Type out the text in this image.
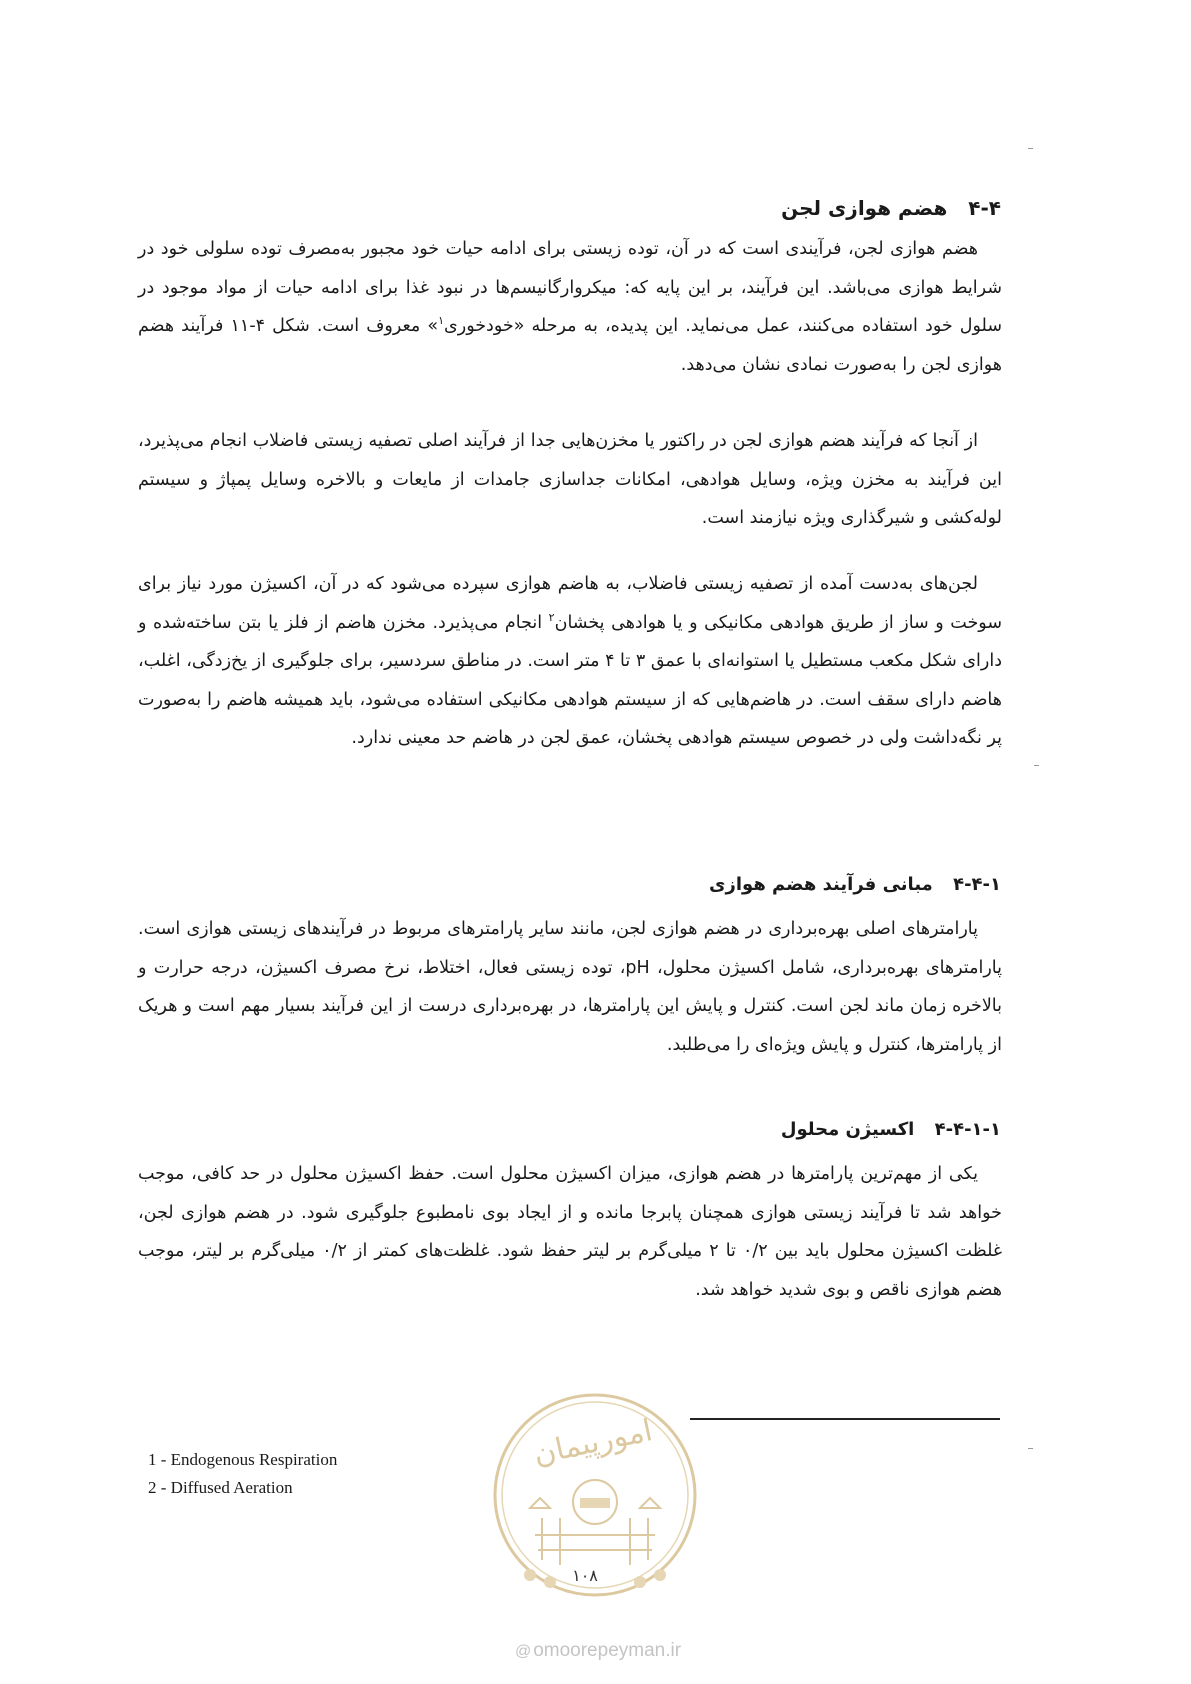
۴-۴ هضم هوازی لجن

هضم هوازی لجن، فرآیندی است که در آن، توده زیستی برای ادامه حیات خود مجبور به‌مصرف توده سلولی خود در شرایط هوازی می‌باشد. این فرآیند، بر این پایه که: میکروارگانیسم‌ها در نبود غذا برای ادامه حیات از مواد موجود در سلول خود استفاده می‌کنند، عمل می‌نماید. این پدیده، به مرحله «خودخوری$^۱$» معروف است. شکل ۴-۱۱ فرآیند هضم هوازی لجن را به‌صورت نمادی نشان می‌دهد.

از آنجا که فرآیند هضم هوازی لجن در راکتور یا مخزن‌هایی جدا از فرآیند اصلی تصفیه زیستی فاضلاب انجام می‌پذیرد، این فرآیند به مخزن ویژه، وسایل هوادهی، امکانات جداسازی جامدات از مایعات و بالاخره وسایل پمپاژ و سیستم لوله‌کشی و شیرگذاری ویژه نیازمند است.

لجن‌های به‌دست آمده از تصفیه زیستی فاضلاب، به هاضم هوازی سپرده می‌شود که در آن، اکسیژن مورد نیاز برای سوخت و ساز از طریق هوادهی مکانیکی و یا هوادهی پخشان$^۲$ انجام می‌پذیرد. مخزن هاضم از فلز یا بتن ساخته‌شده و دارای شکل مکعب مستطیل یا استوانه‌ای با عمق ۳ تا ۴ متر است. در مناطق سردسیر، برای جلوگیری از یخ‌زدگی، اغلب، هاضم دارای سقف است. در هاضم‌هایی که از سیستم هوادهی مکانیکی استفاده می‌شود، باید همیشه هاضم را به‌صورت پر نگه‌داشت ولی در خصوص سیستم هوادهی پخشان، عمق لجن در هاضم حد معینی ندارد.

۴-۴-۱ مبانی فرآیند هضم هوازی

پارامترهای اصلی بهره‌برداری در هضم هوازی لجن، مانند سایر پارامترهای مربوط در فرآیندهای زیستی هوازی است. پارامترهای بهره‌برداری، شامل اکسیژن محلول، pH، توده زیستی فعال، اختلاط، نرخ مصرف اکسیژن، درجه حرارت و بالاخره زمان ماند لجن است. کنترل و پایش این پارامترها، در بهره‌برداری درست از این فرآیند بسیار مهم است و هریک از پارامترها، کنترل و پایش ویژه‌ای را می‌طلبد.

۴-۴-۱-۱ اکسیژن محلول

یکی از مهم‌ترین پارامترها در هضم هوازی، میزان اکسیژن محلول است. حفظ اکسیژن محلول در حد کافی، موجب خواهد شد تا فرآیند زیستی هوازی همچنان پابرجا مانده و از ایجاد بوی نامطبوع جلوگیری شود. در هضم هوازی لجن، غلظت اکسیژن محلول باید بین ۰/۲ تا ۲ میلی‌گرم بر لیتر حفظ شود. غلظت‌های کمتر از ۰/۲ میلی‌گرم بر لیتر، موجب هضم هوازی ناقص و بوی شدید خواهد شد.

1 - Endogenous Respiration
2 - Diffused Aeration
امورپیمان
۱۰۸
@ omoorepeyman.ir
